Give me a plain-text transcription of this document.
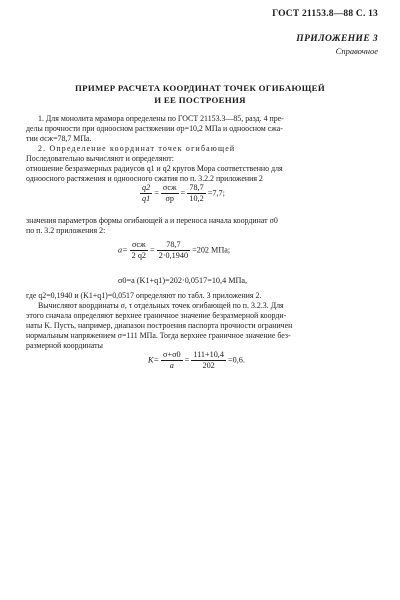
ГОСТ 21153.8—88 С. 13
ПРИЛОЖЕНИЕ 3
Справочное
ПРИМЕР РАСЧЕТА КООРДИНАТ ТОЧЕК ОГИБАЮЩЕЙ
И ЕЕ ПОСТРОЕНИЯ
1. Для монолита мрамора определены по ГОСТ 21153.3—85, разд. 4 пре-
делы прочности при одноосном растяжении σр=10,2 МПа и одноосном сжа-
тии σсж=78,7 МПа.
2. Определение координат точек огибающей
Последовательно вычисляют и определяют:
отношение безразмерных радиусов q1 и q2 кругов Мора соответственно для
одноосного растяжения и одноосного сжатия по п. 3.2.2 приложения 2
$\frac{q2}{q1} = \frac{\text{σсж}}{\sigma р} = \frac{78,7}{10,2} =7,7$;
значения параметров формы огибающей a и переноса начала координат σ0
по п. 3.2 приложения 2:
$a= \frac{\text{σсж}}{2 q2} = \frac{78,7}{2\cdot 0,1940} =202$ МПа;
σ0=a (K1+q1)=202·0,0517=10,4 МПа,
где q2=0,1940 и (K1+q1)=0,0517 определяют по табл. 3 приложения 2.
Вычисляют координаты σ, τ отдельных точек огибающей по п. 3.2.3. Для
этого сначала определяют верхнее граничное значение безразмерной коорди-
наты K. Пусть, например, диапазон построения паспорта прочности ограничен
нормальным напряжением σ=111 МПа. Тогда верхнее граничное значение без-
размерной координаты
$K= \frac{\sigma+\sigma 0}{a} = \frac{111+10,4}{202} =0,6$.
